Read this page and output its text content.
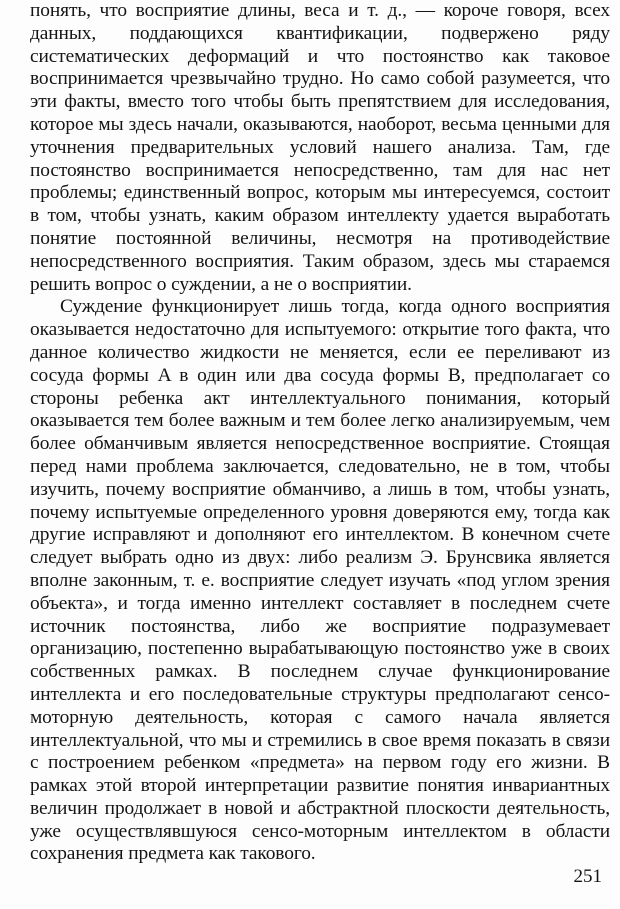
понять, что восприятие длины, веса и т. д., — короче говоря, всех данных, поддающихся квантификации, подвержено ряду систематических деформаций и что постоянство как таковое воспринимается чрезвычайно трудно. Но само собой разумеется, что эти факты, вместо того чтобы быть препятствием для исследования, которое мы здесь начали, оказываются, наоборот, весьма ценными для уточнения предварительных условий нашего анализа. Там, где постоянство воспринимается непосредственно, там для нас нет проблемы; единственный вопрос, которым мы интересуемся, состоит в том, чтобы узнать, каким образом интеллекту удается выработать понятие постоянной величины, несмотря на противодействие непосредственного восприятия. Таким образом, здесь мы стараемся решить вопрос о суждении, а не о восприятии.

Суждение функционирует лишь тогда, когда одного восприятия оказывается недостаточно для испытуемого: открытие того факта, что данное количество жидкости не меняется, если ее переливают из сосуда формы A в один или два сосуда формы B, предполагает со стороны ребенка акт интеллектуального понимания, который оказывается тем более важным и тем более легко анализируемым, чем более обманчивым является непосредственное восприятие. Стоящая перед нами проблема заключается, следовательно, не в том, чтобы изучить, почему восприятие обманчиво, а лишь в том, чтобы узнать, почему испытуемые определенного уровня доверяются ему, тогда как другие исправляют и дополняют его интеллектом. В конечном счете следует выбрать одно из двух: либо реализм Э. Брунсвика является вполне законным, т. е. восприятие следует изучать «под углом зрения объекта», и тогда именно интеллект составляет в последнем счете источник постоянства, либо же восприятие подразумевает организацию, постепенно вырабатывающую постоянство уже в своих собственных рамках. В последнем случае функционирование интеллекта и его последовательные структуры предполагают сенсо-моторную деятельность, которая с самого начала является интеллектуальной, что мы и стремились в свое время показать в связи с построением ребенком «предмета» на первом году его жизни. В рамках этой второй интерпретации развитие понятия инвариантных величин продолжает в новой и абстрактной плоскости деятельность, уже осуществлявшуюся сенсо-моторным интеллектом в области сохранения предмета как такового.

251
